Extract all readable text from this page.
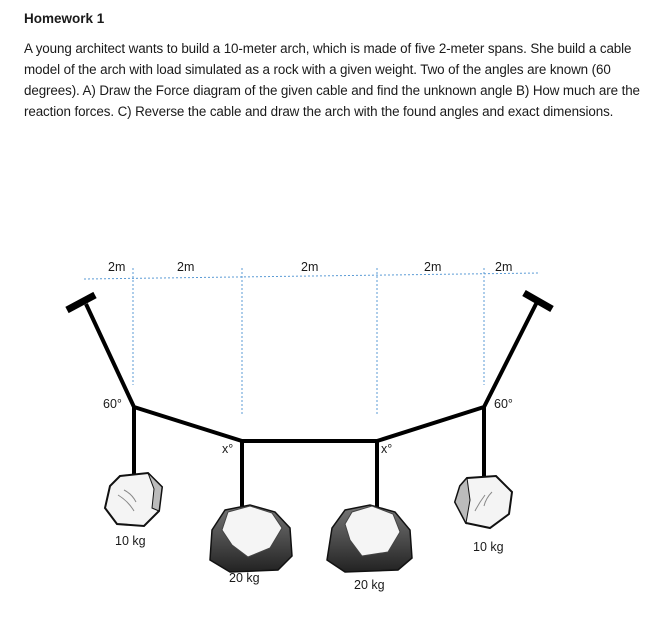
Homework 1
A young architect wants to build a 10-meter arch, which is made of five 2-meter spans. She build a cable model of the arch with load simulated as a rock with a given weight. Two of the angles are known (60 degrees). A) Draw the Force diagram of the given cable and find the unknown angle B) How much are the reaction forces. C) Reverse the cable and draw the arch with the found angles and exact dimensions.
2m	2m	2m	2m	2m
60°	60°
x°	x°
10 kg
20 kg	20 kg
10 kg
